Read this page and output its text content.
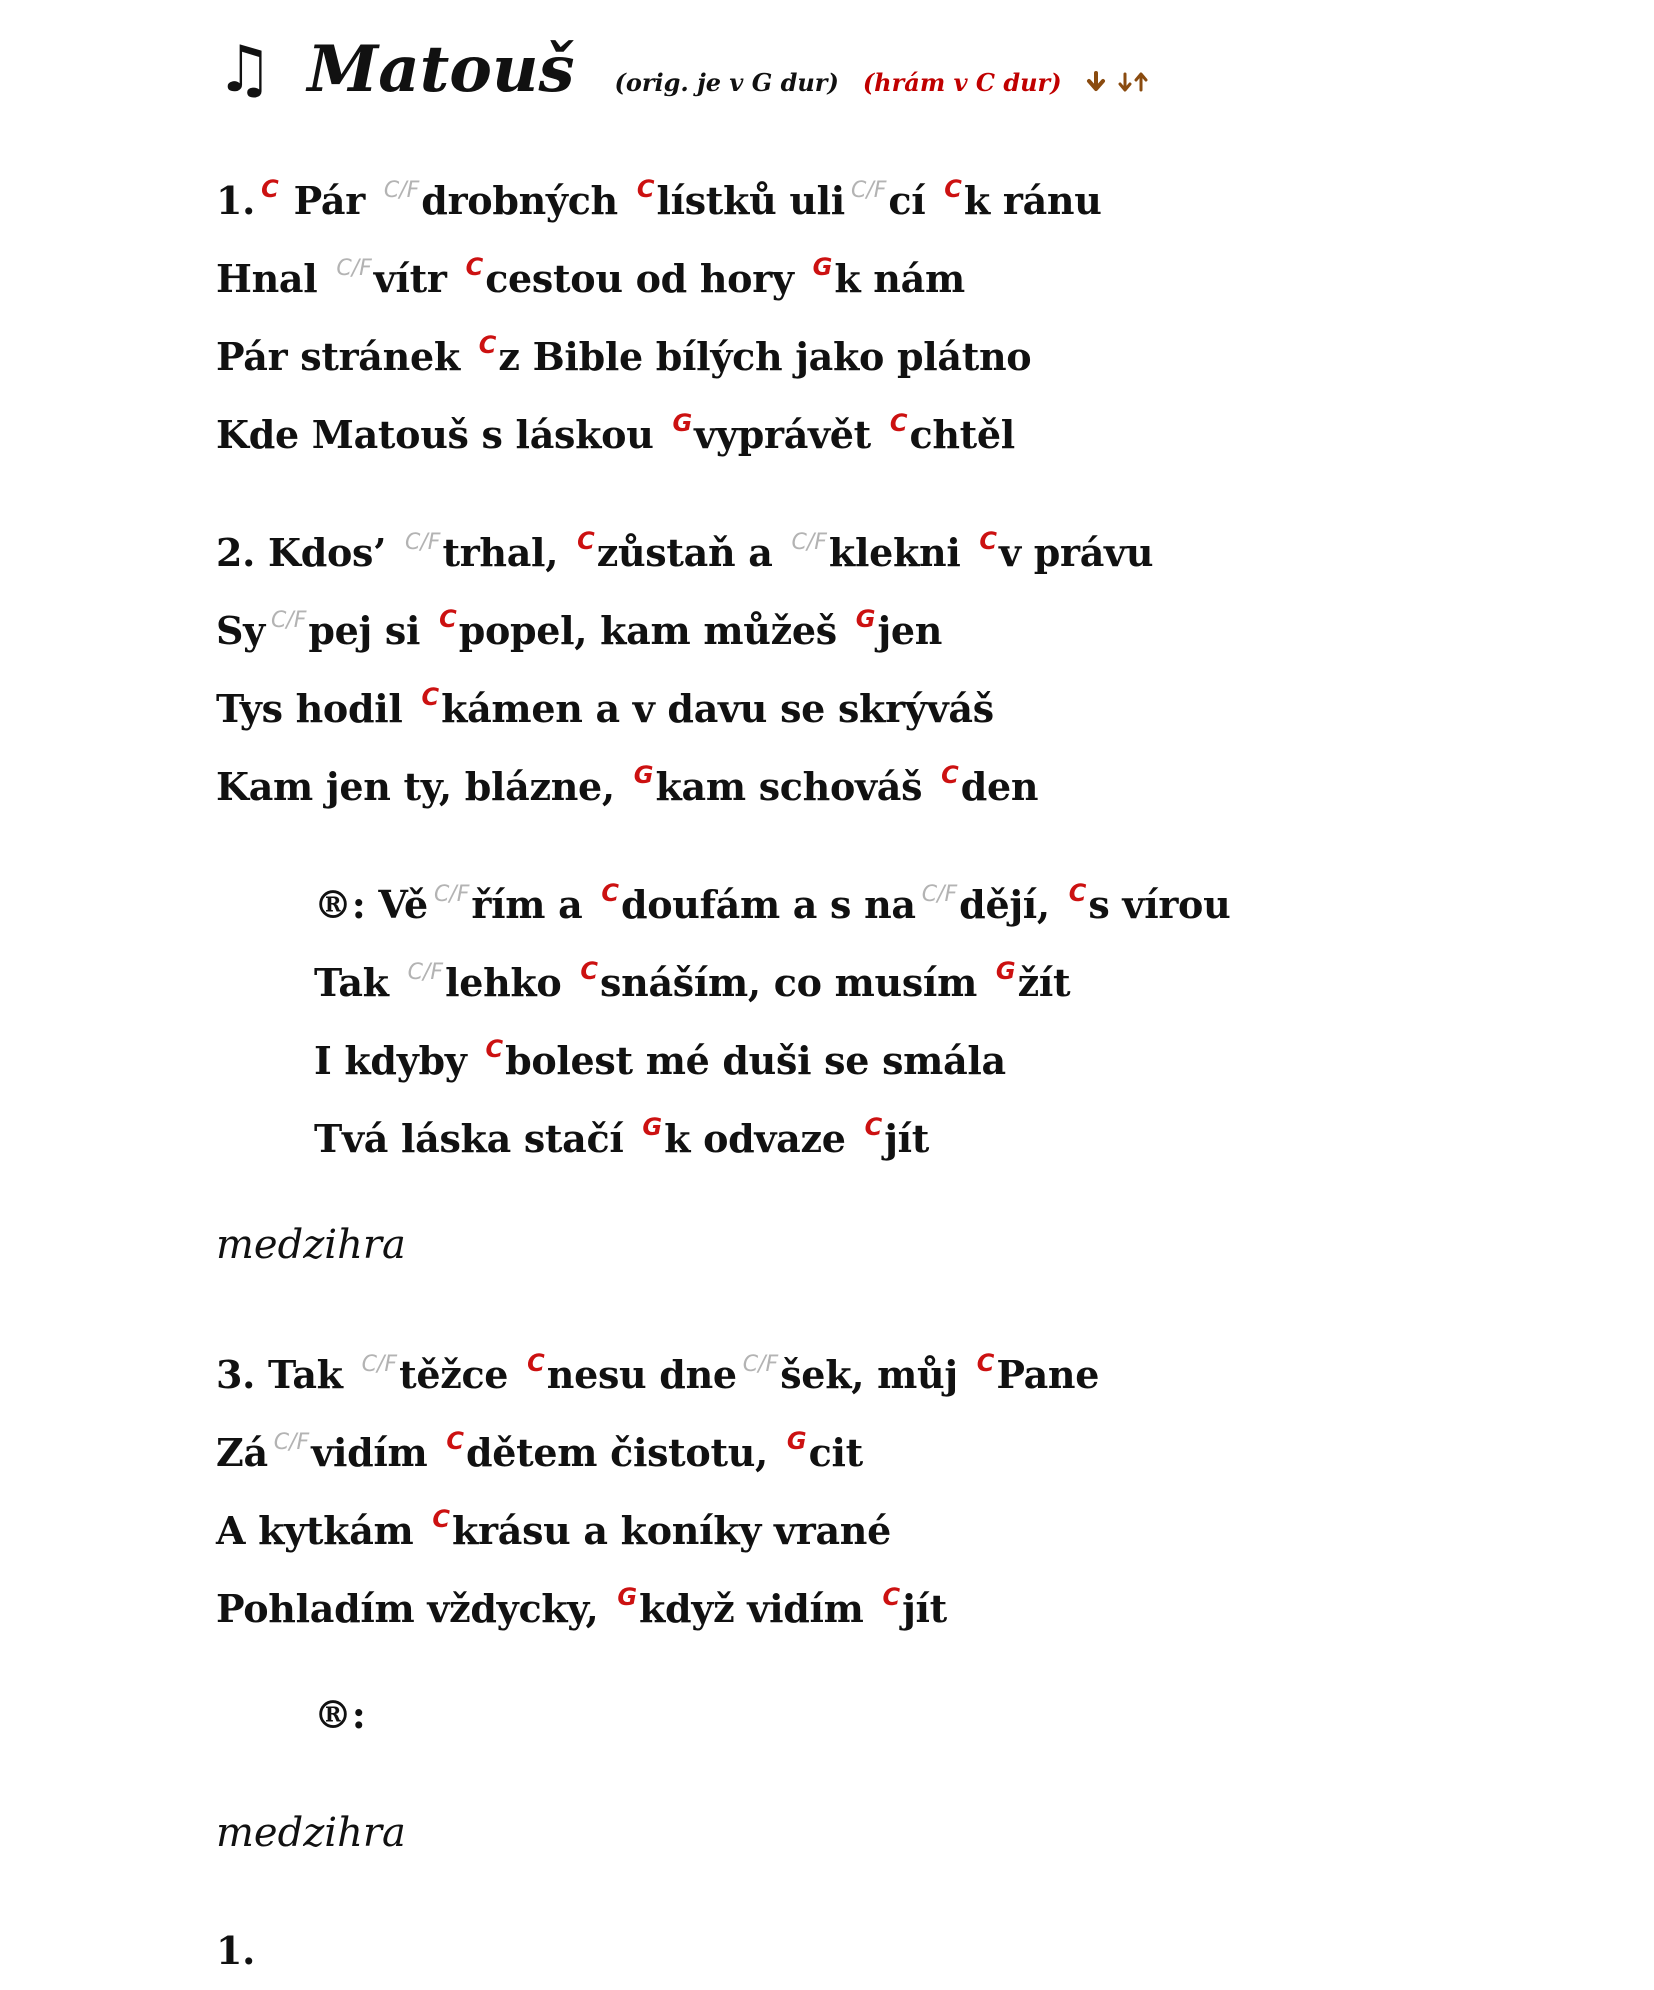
♫ Matouš (orig. je v G dur) (hrám v C dur)
1. $^C$ Pár $^{C/F}$drobných $^C$lístků uli $^{C/F}$cí $^C$k ránu
Hnal $^{C/F}$vítr $^C$cestou od hory $^G$k nám
Pár stránek $^C$z Bible bílých jako plátno
Kde Matouš s láskou $^G$vyprávět $^C$chtěl
2. Kdos’ $^{C/F}$trhal, $^C$zůstaň a $^{C/F}$klekni $^C$v právu
Sy $^{C/F}$pej si $^C$popel, kam můžeš $^G$jen
Tys hodil $^C$kámen a v davu se skrýváš
Kam jen ty, blázne, $^G$kam schováš $^C$den
®: Vě $^{C/F}$řím a $^C$doufám a s na $^{C/F}$dějí, $^C$s vírou
Tak $^{C/F}$lehko $^C$snáším, co musím $^G$žít
I kdyby $^C$bolest mé duši se smála
Tvá láska stačí $^G$k odvaze $^C$jít
medzihra
3. Tak $^{C/F}$těžce $^C$nesu dne $^{C/F}$šek, můj $^C$Pane
Zá $^{C/F}$vidím $^C$dětem čistotu, $^G$cit
A kytkám $^C$krásu a koníky vrané
Pohladím vždycky, $^G$když vidím $^C$jít
®:
medzihra
1.
